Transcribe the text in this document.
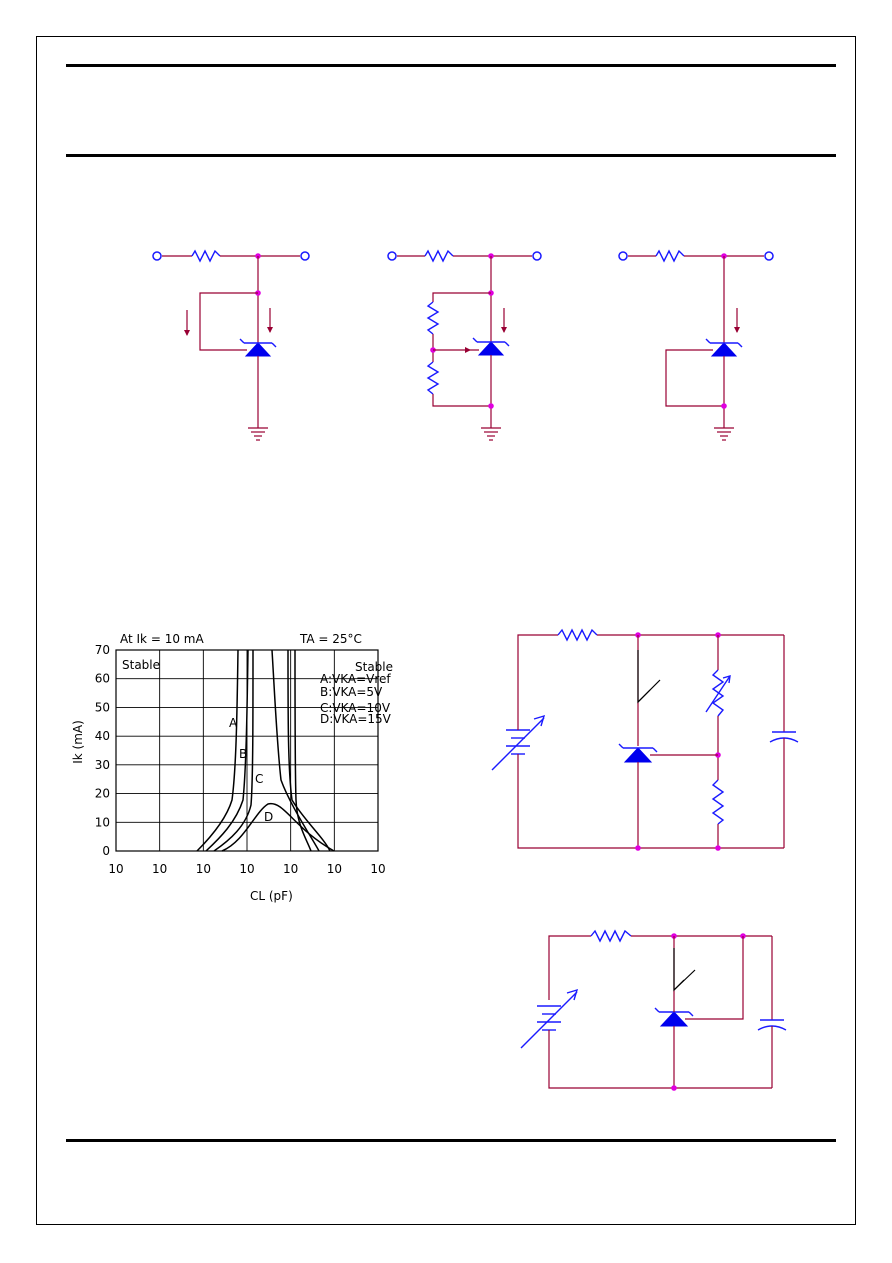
0
10
20
30
40
50
60
70
10 10 10 10 10 10 10
At Ik = 10 mA	TA = 25°C
CL (pF)
Ik (mA)
Stable	Stable
A:VKA=Vref
B:VKA=5V
C:VKA=10V
D:VKA=15V
A
B
C
D
